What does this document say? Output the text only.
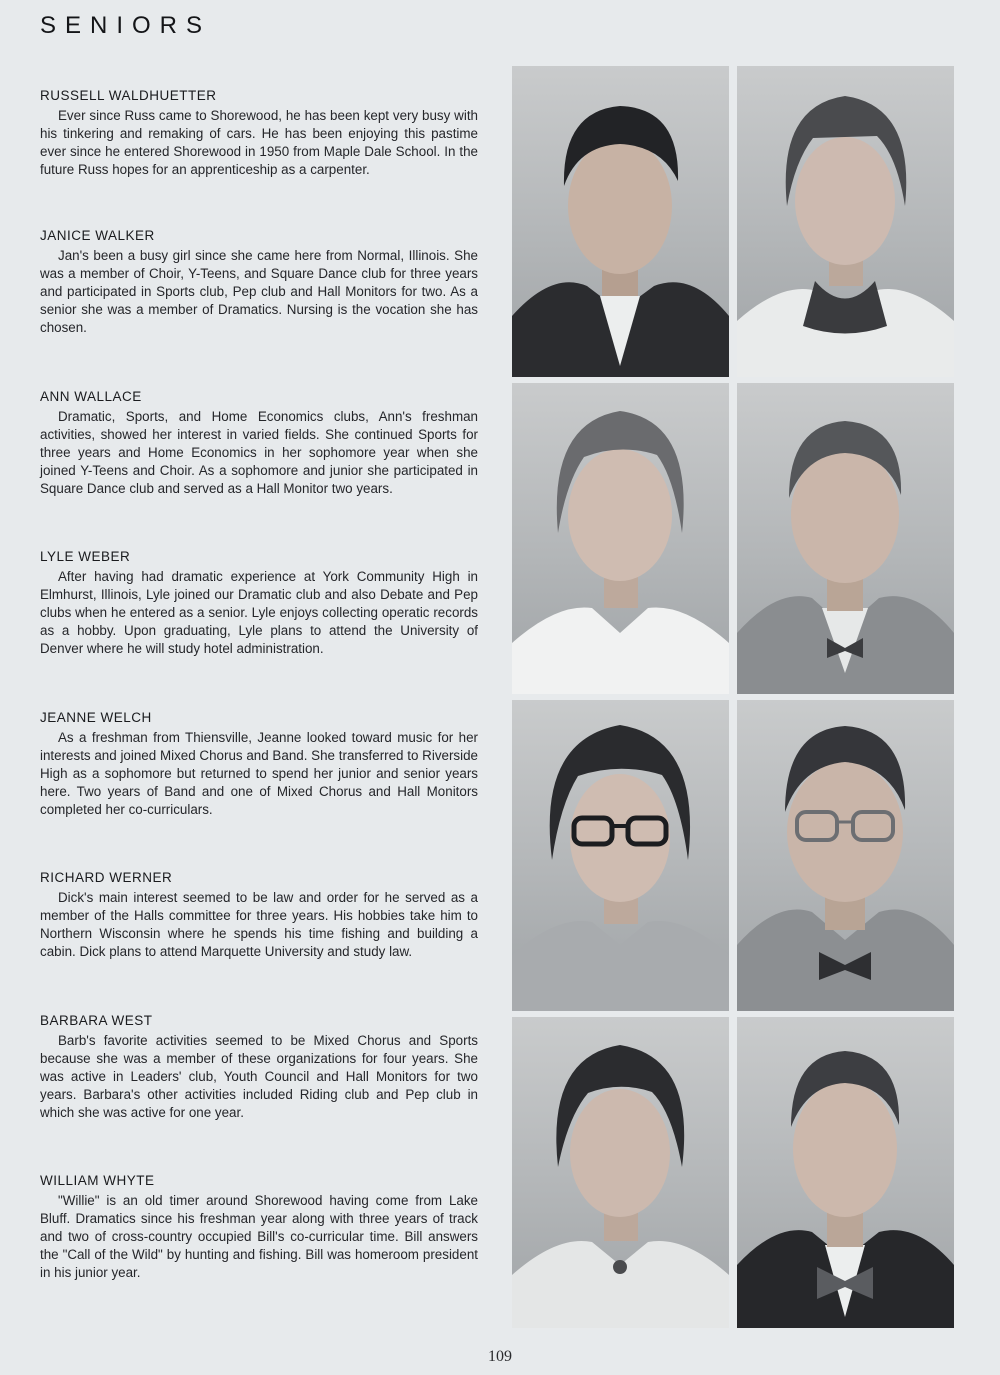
SENIORS
RUSSELL WALDHUETTER

Ever since Russ came to Shorewood, he has been kept very busy with his tinkering and remaking of cars. He has been enjoying this pastime ever since he entered Shorewood in 1950 from Maple Dale School. In the future Russ hopes for an apprenticeship as a carpenter.

JANICE WALKER

Jan's been a busy girl since she came here from Normal, Illinois. She was a member of Choir, Y-Teens, and Square Dance club for three years and participated in Sports club, Pep club and Hall Monitors for two. As a senior she was a member of Dramatics. Nursing is the vocation she has chosen.

ANN WALLACE

Dramatic, Sports, and Home Economics clubs, Ann's freshman activities, showed her interest in varied fields. She continued Sports for three years and Home Economics in her sophomore year when she joined Y-Teens and Choir. As a sophomore and junior she participated in Square Dance club and served as a Hall Monitor two years.

LYLE WEBER

After having had dramatic experience at York Community High in Elmhurst, Illinois, Lyle joined our Dramatic club and also Debate and Pep clubs when he entered as a senior. Lyle enjoys collecting operatic records as a hobby. Upon graduating, Lyle plans to attend the University of Denver where he will study hotel administration.

JEANNE WELCH

As a freshman from Thiensville, Jeanne looked toward music for her interests and joined Mixed Chorus and Band. She transferred to Riverside High as a sophomore but returned to spend her junior and senior years here. Two years of Band and one of Mixed Chorus and Hall Monitors completed her co-curriculars.

RICHARD WERNER

Dick's main interest seemed to be law and order for he served as a member of the Halls committee for three years. His hobbies take him to Northern Wisconsin where he spends his time fishing and building a cabin. Dick plans to attend Marquette University and study law.

BARBARA WEST

Barb's favorite activities seemed to be Mixed Chorus and Sports because she was a member of these organizations for four years. She was active in Leaders' club, Youth Council and Hall Monitors for two years. Barbara's other activities included Riding club and Pep club in which she was active for one year.

WILLIAM WHYTE

"Willie" is an old timer around Shorewood having come from Lake Bluff. Dramatics since his freshman year along with three years of track and two of cross-country occupied Bill's co-curricular time. Bill answers the "Call of the Wild" by hunting and fishing. Bill was homeroom president in his junior year.

109
